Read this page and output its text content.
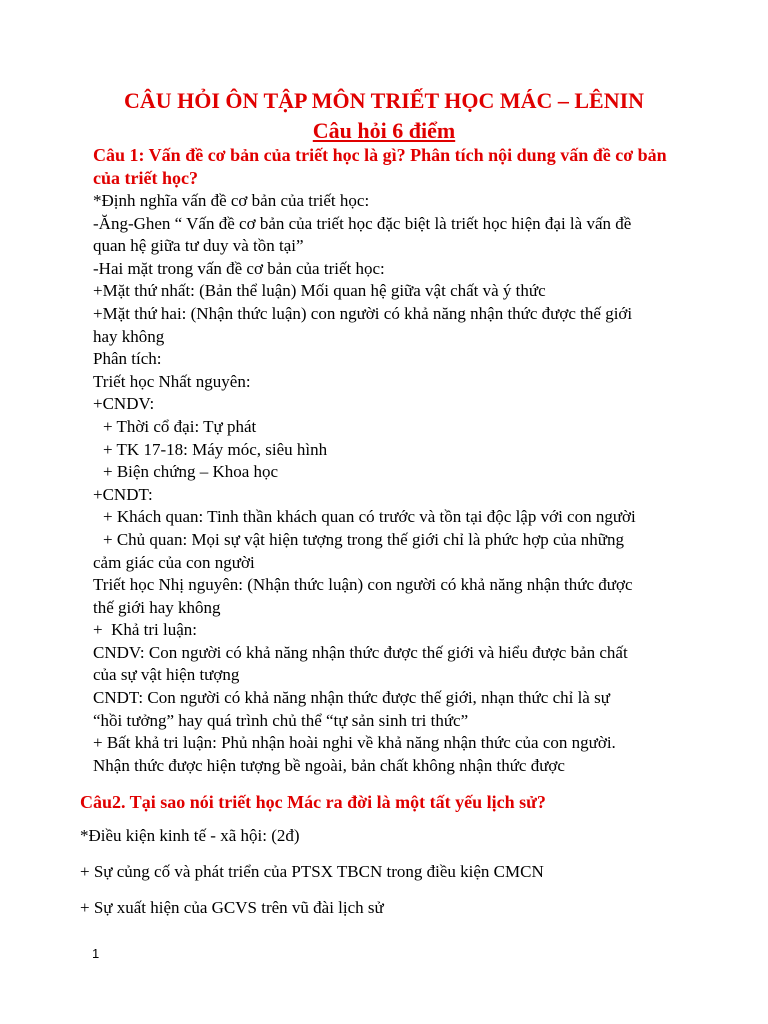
CÂU HỎI ÔN TẬP MÔN TRIẾT HỌC MÁC – LÊNIN
Câu hỏi 6 điểm
Câu 1: Vấn đề cơ bản của triết học là gì? Phân tích nội dung vấn đề cơ bản của triết học?
*Định nghĩa vấn đề cơ bản của triết học:
-Ăng-Ghen “ Vấn đề cơ bản của triết học đặc biệt là triết học hiện đại là vấn đề
quan hệ giữa tư duy và tồn tại”
-Hai mặt trong vấn đề cơ bản của triết học:
+Mặt thứ nhất: (Bản thể luận) Mối quan hệ giữa vật chất và ý thức
+Mặt thứ hai: (Nhận thức luận) con người có khả năng nhận thức được thế giới
hay không
Phân tích:
Triết học Nhất nguyên:
+CNDV:
+ Thời cổ đại: Tự phát
+ TK 17-18: Máy móc, siêu hình
+ Biện chứng – Khoa học
+CNDT:
+ Khách quan: Tinh thần khách quan có trước và tồn tại độc lập với con người
+ Chủ quan: Mọi sự vật hiện tượng trong thế giới chỉ là phức hợp của những
cảm giác của con người
Triết học Nhị nguyên: (Nhận thức luận) con người có khả năng nhận thức được
thế giới hay không
+  Khả tri luận:
CNDV: Con người có khả năng nhận thức được thế giới và hiểu được bản chất
của sự vật hiện tượng
CNDT: Con người có khả năng nhận thức được thế giới, nhạn thức chỉ là sự
“hồi tưởng” hay quá trình chủ thể “tự sản sinh tri thức”
+ Bất khả tri luận: Phủ nhận hoài nghi về khả năng nhận thức của con người.
Nhận thức được hiện tượng bề ngoài, bản chất không nhận thức được
Câu2. Tại sao nói triết học Mác ra đời là một tất yếu lịch sử?
*Điều kiện kinh tế - xã hội: (2đ)
+ Sự củng cố và phát triển của PTSX TBCN trong điều kiện CMCN
+ Sự xuất hiện của GCVS trên vũ đài lịch sử
1
